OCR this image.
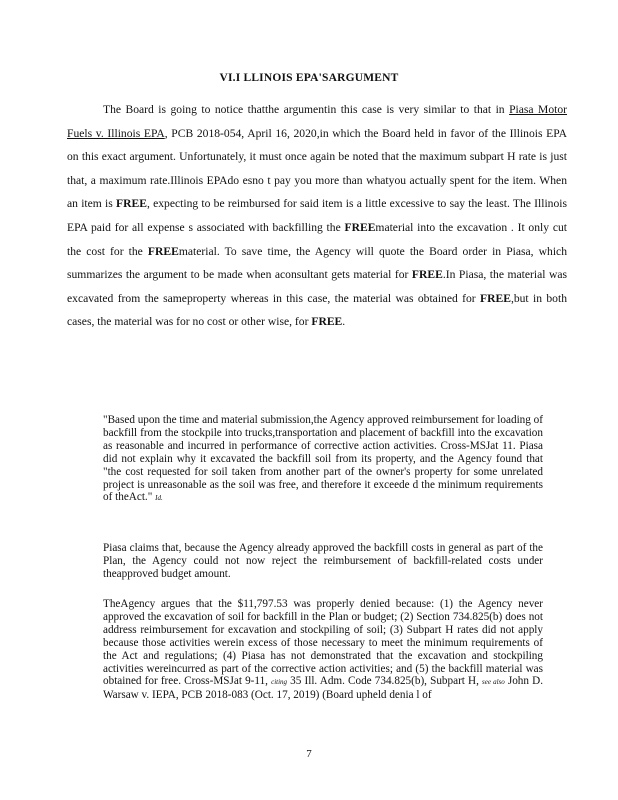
VI.I LLINOIS EPA'SARGUMENT

The Board is going to notice thatthe argumentin this case is very similar to that in Piasa Motor Fuels v. Illinois EPA, PCB 2018-054, April 16, 2020,in which the Board held in favor of the Illinois EPA on this exact argument. Unfortunately, it must once again be noted that the maximum subpart H rate is just that, a maximum rate.Illinois EPAdo esno t pay you more than whatyou actually spent for the item. When an item is FREE, expecting to be reimbursed for said item is a little excessive to say the least. The Illinois EPA paid for all expense s associated with backfilling the FREEmaterial into the excavation . It only cut the cost for the FREEmaterial. To save time, the Agency will quote the Board order in Piasa, which summarizes the argument to be made when aconsultant gets material for FREE.In Piasa, the material was excavated from the sameproperty whereas in this case, the material was obtained for FREE,but in both cases, the material was for no cost or other wise, for FREE.

"Based upon the time and material submission,the Agency approved reimbursement for loading of backfill from the stockpile into trucks,transportation and placement of backfill into the excavation as reasonable and incurred in performance of corrective action activities. Cross-MSJat 11. Piasa did not explain why it excavated the backfill soil from its property, and the Agency found that "the cost requested for soil taken from another part of the owner's property for some unrelated project is unreasonable as the soil was free, and therefore it exceede d the minimum requirements of theAct." Id.

Piasa claims that, because the Agency already approved the backfill costs in general as part of the Plan, the Agency could not now reject the reimbursement of backfill-related costs under theapproved budget amount.

TheAgency argues that the $11,797.53 was properly denied because: (1) the Agency never approved the excavation of soil for backfill in the Plan or budget; (2) Section 734.825(b) does not address reimbursement for excavation and stockpiling of soil; (3) Subpart H rates did not apply because those activities werein excess of those necessary to meet the minimum requirements of the Act and regulations; (4) Piasa has not demonstrated that the excavation and stockpiling activities wereincurred as part of the corrective action activities; and (5) the backfill material was obtained for free. Cross-MSJat 9-11, citing 35 Ill. Adm. Code 734.825(b), Subpart H, see also John D. Warsaw v. IEPA, PCB 2018-083 (Oct. 17, 2019) (Board upheld denia l of

7
